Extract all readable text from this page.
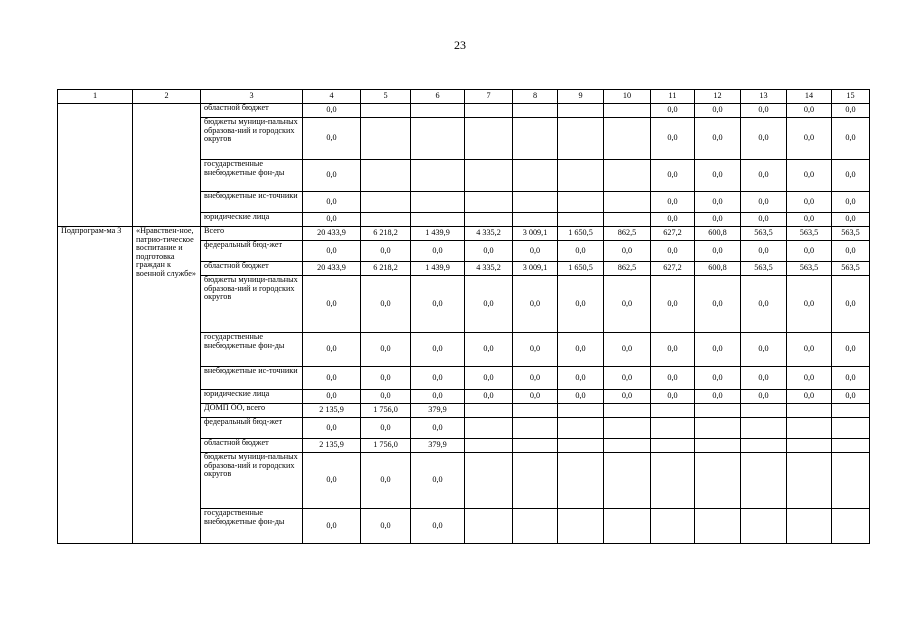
23
1	2	3	4	5	6	7	8	9	10	11	12	13	14	15
		областной бюджет	0,0							0,0	0,0	0,0	0,0	0,0
		бюджеты муници-пальных образова-ний и городских округов	0,0							0,0	0,0	0,0	0,0	0,0
		государственные внебюджетные фон-ды	0,0							0,0	0,0	0,0	0,0	0,0
		внебюджетные ис-точники	0,0							0,0	0,0	0,0	0,0	0,0
		юридические лица	0,0							0,0	0,0	0,0	0,0	0,0
Подпрограм-ма 3	«Нравствен-ное, патрио-тическое воспитание и подготовка граждан к военной службе»	Всего	20 433,9	6 218,2	1 439,9	4 335,2	3 009,1	1 650,5	862,5	627,2	600,8	563,5	563,5	563,5
		федеральный бюд-жет	0,0	0,0	0,0	0,0	0,0	0,0	0,0	0,0	0,0	0,0	0,0	0,0
		областной бюджет	20 433,9	6 218,2	1 439,9	4 335,2	3 009,1	1 650,5	862,5	627,2	600,8	563,5	563,5	563,5
		бюджеты муници-пальных образова-ний и городских округов	0,0	0,0	0,0	0,0	0,0	0,0	0,0	0,0	0,0	0,0	0,0	0,0
		государственные внебюджетные фон-ды	0,0	0,0	0,0	0,0	0,0	0,0	0,0	0,0	0,0	0,0	0,0	0,0
		внебюджетные ис-точники	0,0	0,0	0,0	0,0	0,0	0,0	0,0	0,0	0,0	0,0	0,0	0,0
		юридические лица	0,0	0,0	0,0	0,0	0,0	0,0	0,0	0,0	0,0	0,0	0,0	0,0
		ДОМП ОО, всего	2 135,9	1 756,0	379,9									
		федеральный бюд-жет	0,0	0,0	0,0									
		областной бюджет	2 135,9	1 756,0	379,9									
		бюджеты муници-пальных образова-ний и городских округов	0,0	0,0	0,0									
		государственные внебюджетные фон-ды	0,0	0,0	0,0									
